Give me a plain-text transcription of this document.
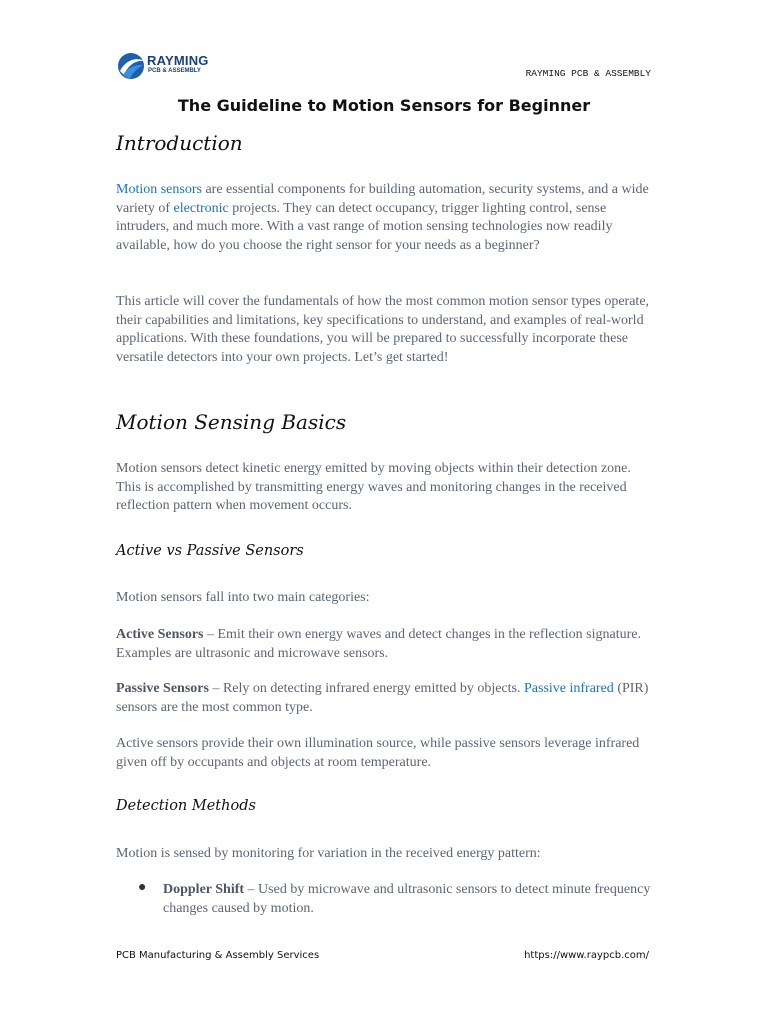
RAYMING
PCB & ASSEMBLY	RAYMING PCB & ASSEMBLY
The Guideline to Motion Sensors for Beginner
Introduction

Motion sensors are essential components for building automation, security systems, and a wide variety of electronic projects. They can detect occupancy, trigger lighting control, sense intruders, and much more. With a vast range of motion sensing technologies now readily available, how do you choose the right sensor for your needs as a beginner?

This article will cover the fundamentals of how the most common motion sensor types operate, their capabilities and limitations, key specifications to understand, and examples of real-world applications. With these foundations, you will be prepared to successfully incorporate these versatile detectors into your own projects. Let’s get started!

Motion Sensing Basics

Motion sensors detect kinetic energy emitted by moving objects within their detection zone. This is accomplished by transmitting energy waves and monitoring changes in the received reflection pattern when movement occurs.

Active vs Passive Sensors

Motion sensors fall into two main categories:

Active Sensors – Emit their own energy waves and detect changes in the reflection signature. Examples are ultrasonic and microwave sensors.

Passive Sensors – Rely on detecting infrared energy emitted by objects. Passive infrared (PIR) sensors are the most common type.

Active sensors provide their own illumination source, while passive sensors leverage infrared given off by occupants and objects at room temperature.

Detection Methods

Motion is sensed by monitoring for variation in the received energy pattern:

● Doppler Shift – Used by microwave and ultrasonic sensors to detect minute frequency changes caused by motion.

PCB Manufacturing & Assembly Services	https://www.raypcb.com/
